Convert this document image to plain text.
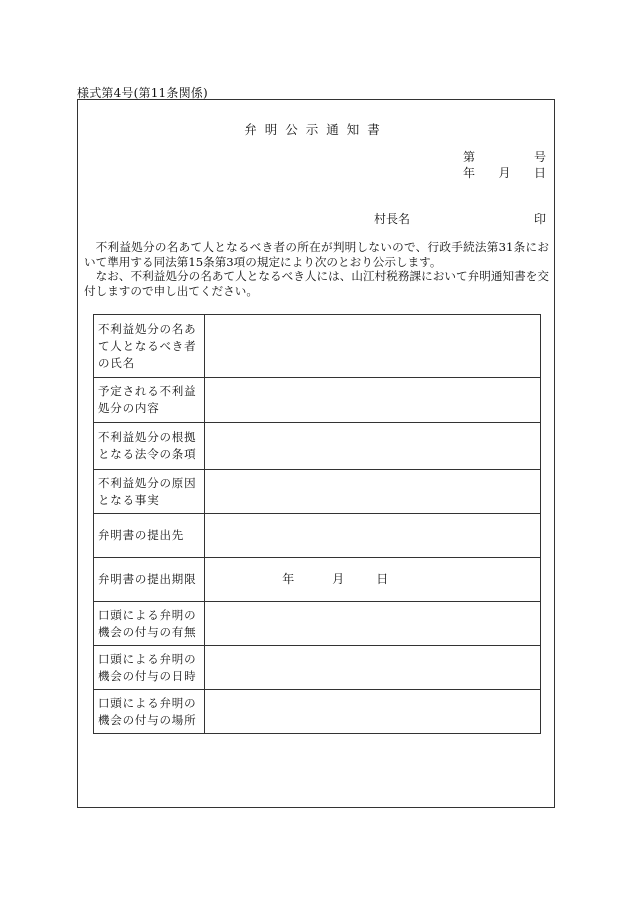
様式第4号(第11条関係)
弁明公示通知書
第	号
年 月 日
村長名	印

不利益処分の名あて人となるべき者の所在が判明しないので、行政手続法第31条において準用する同法第15条第3項の規定により次のとおり公示します。

なお、不利益処分の名あて人となるべき人には、山江村税務課において弁明通知書を交付しますので申し出てください。

不利益処分の名あて人となるべき者の氏名	
予定される不利益処分の内容	
不利益処分の根拠となる法令の条項	
不利益処分の原因となる事実	
弁明書の提出先	
弁明書の提出期限	年 月 日

口頭による弁明の機会の付与の有無	
口頭による弁明の機会の付与の日時	
口頭による弁明の機会の付与の場所	
